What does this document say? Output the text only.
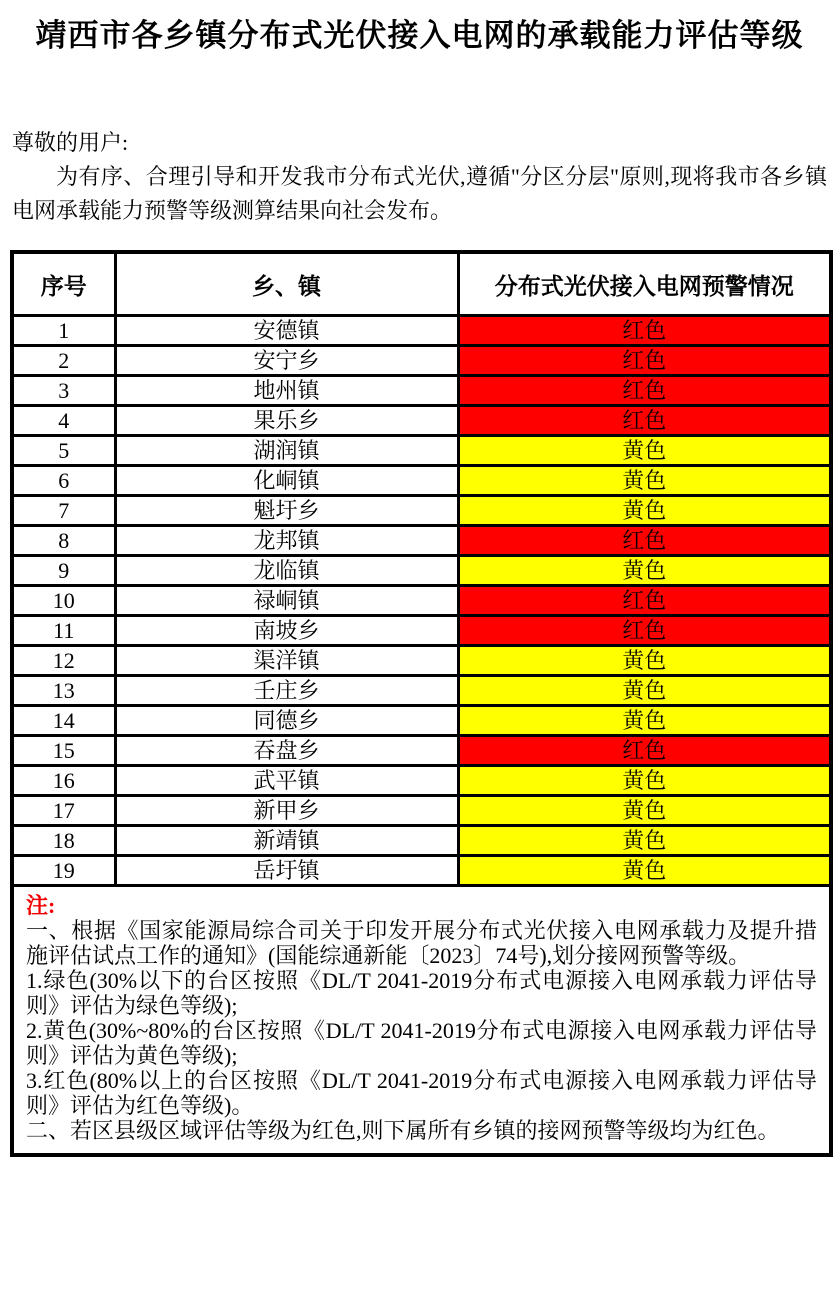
靖西市各乡镇分布式光伏接入电网的承载能力评估等级

尊敬的用户:

为有序、合理引导和开发我市分布式光伏,遵循"分区分层"原则,现将我市各乡镇电网承载能力预警等级测算结果向社会发布。

序号	乡、镇	分布式光伏接入电网预警情况
1	安德镇	红色
2	安宁乡	红色
3	地州镇	红色
4	果乐乡	红色
5	湖润镇	黄色
6	化峒镇	黄色
7	魁圩乡	黄色
8	龙邦镇	红色
9	龙临镇	黄色
10	禄峒镇	红色
11	南坡乡	红色
12	渠洋镇	黄色
13	壬庄乡	黄色
14	同德乡	黄色
15	吞盘乡	红色
16	武平镇	黄色
17	新甲乡	黄色
18	新靖镇	黄色
19	岳圩镇	黄色

注:

一、根据《国家能源局综合司关于印发开展分布式光伏接入电网承载力及提升措施评估试点工作的通知》(国能综通新能〔2023〕74号),划分接网预警等级。

1.绿色(30%以下的台区按照《DL/T 2041-2019分布式电源接入电网承载力评估导则》评估为绿色等级);

2.黄色(30%~80%的台区按照《DL/T 2041-2019分布式电源接入电网承载力评估导则》评估为黄色等级);

3.红色(80%以上的台区按照《DL/T 2041-2019分布式电源接入电网承载力评估导则》评估为红色等级)。

二、若区县级区域评估等级为红色,则下属所有乡镇的接网预警等级均为红色。
